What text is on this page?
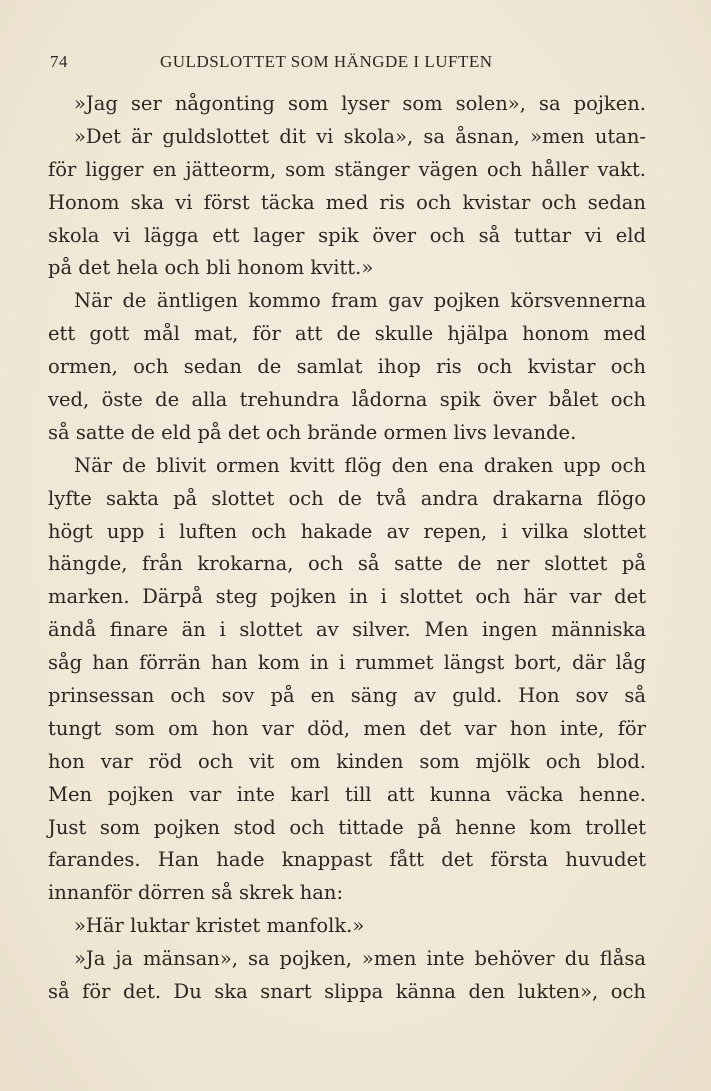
74	GULDSLOTTET SOM HÄNGDE I LUFTEN
»Jag ser någonting som lyser som solen», sa pojken.
»Det är guldslottet dit vi skola», sa åsnan, »men utan-
för ligger en jätteorm, som stänger vägen och håller vakt.
Honom ska vi först täcka med ris och kvistar och sedan
skola vi lägga ett lager spik över och så tuttar vi eld
på det hela och bli honom kvitt.»
När de äntligen kommo fram gav pojken körsvennerna
ett gott mål mat, för att de skulle hjälpa honom med
ormen, och sedan de samlat ihop ris och kvistar och
ved, öste de alla trehundra lådorna spik över bålet och
så satte de eld på det och brände ormen livs levande.
När de blivit ormen kvitt flög den ena draken upp och
lyfte sakta på slottet och de två andra drakarna flögo
högt upp i luften och hakade av repen, i vilka slottet
hängde, från krokarna, och så satte de ner slottet på
marken. Därpå steg pojken in i slottet och här var det
ändå finare än i slottet av silver. Men ingen människa
såg han förrän han kom in i rummet längst bort, där låg
prinsessan och sov på en säng av guld. Hon sov så
tungt som om hon var död, men det var hon inte, för
hon var röd och vit om kinden som mjölk och blod.
Men pojken var inte karl till att kunna väcka henne.
Just som pojken stod och tittade på henne kom trollet
farandes. Han hade knappast fått det första huvudet
innanför dörren så skrek han:
»Här luktar kristet manfolk.»
»Ja ja mänsan», sa pojken, »men inte behöver du flåsa
så för det. Du ska snart slippa känna den lukten», och
